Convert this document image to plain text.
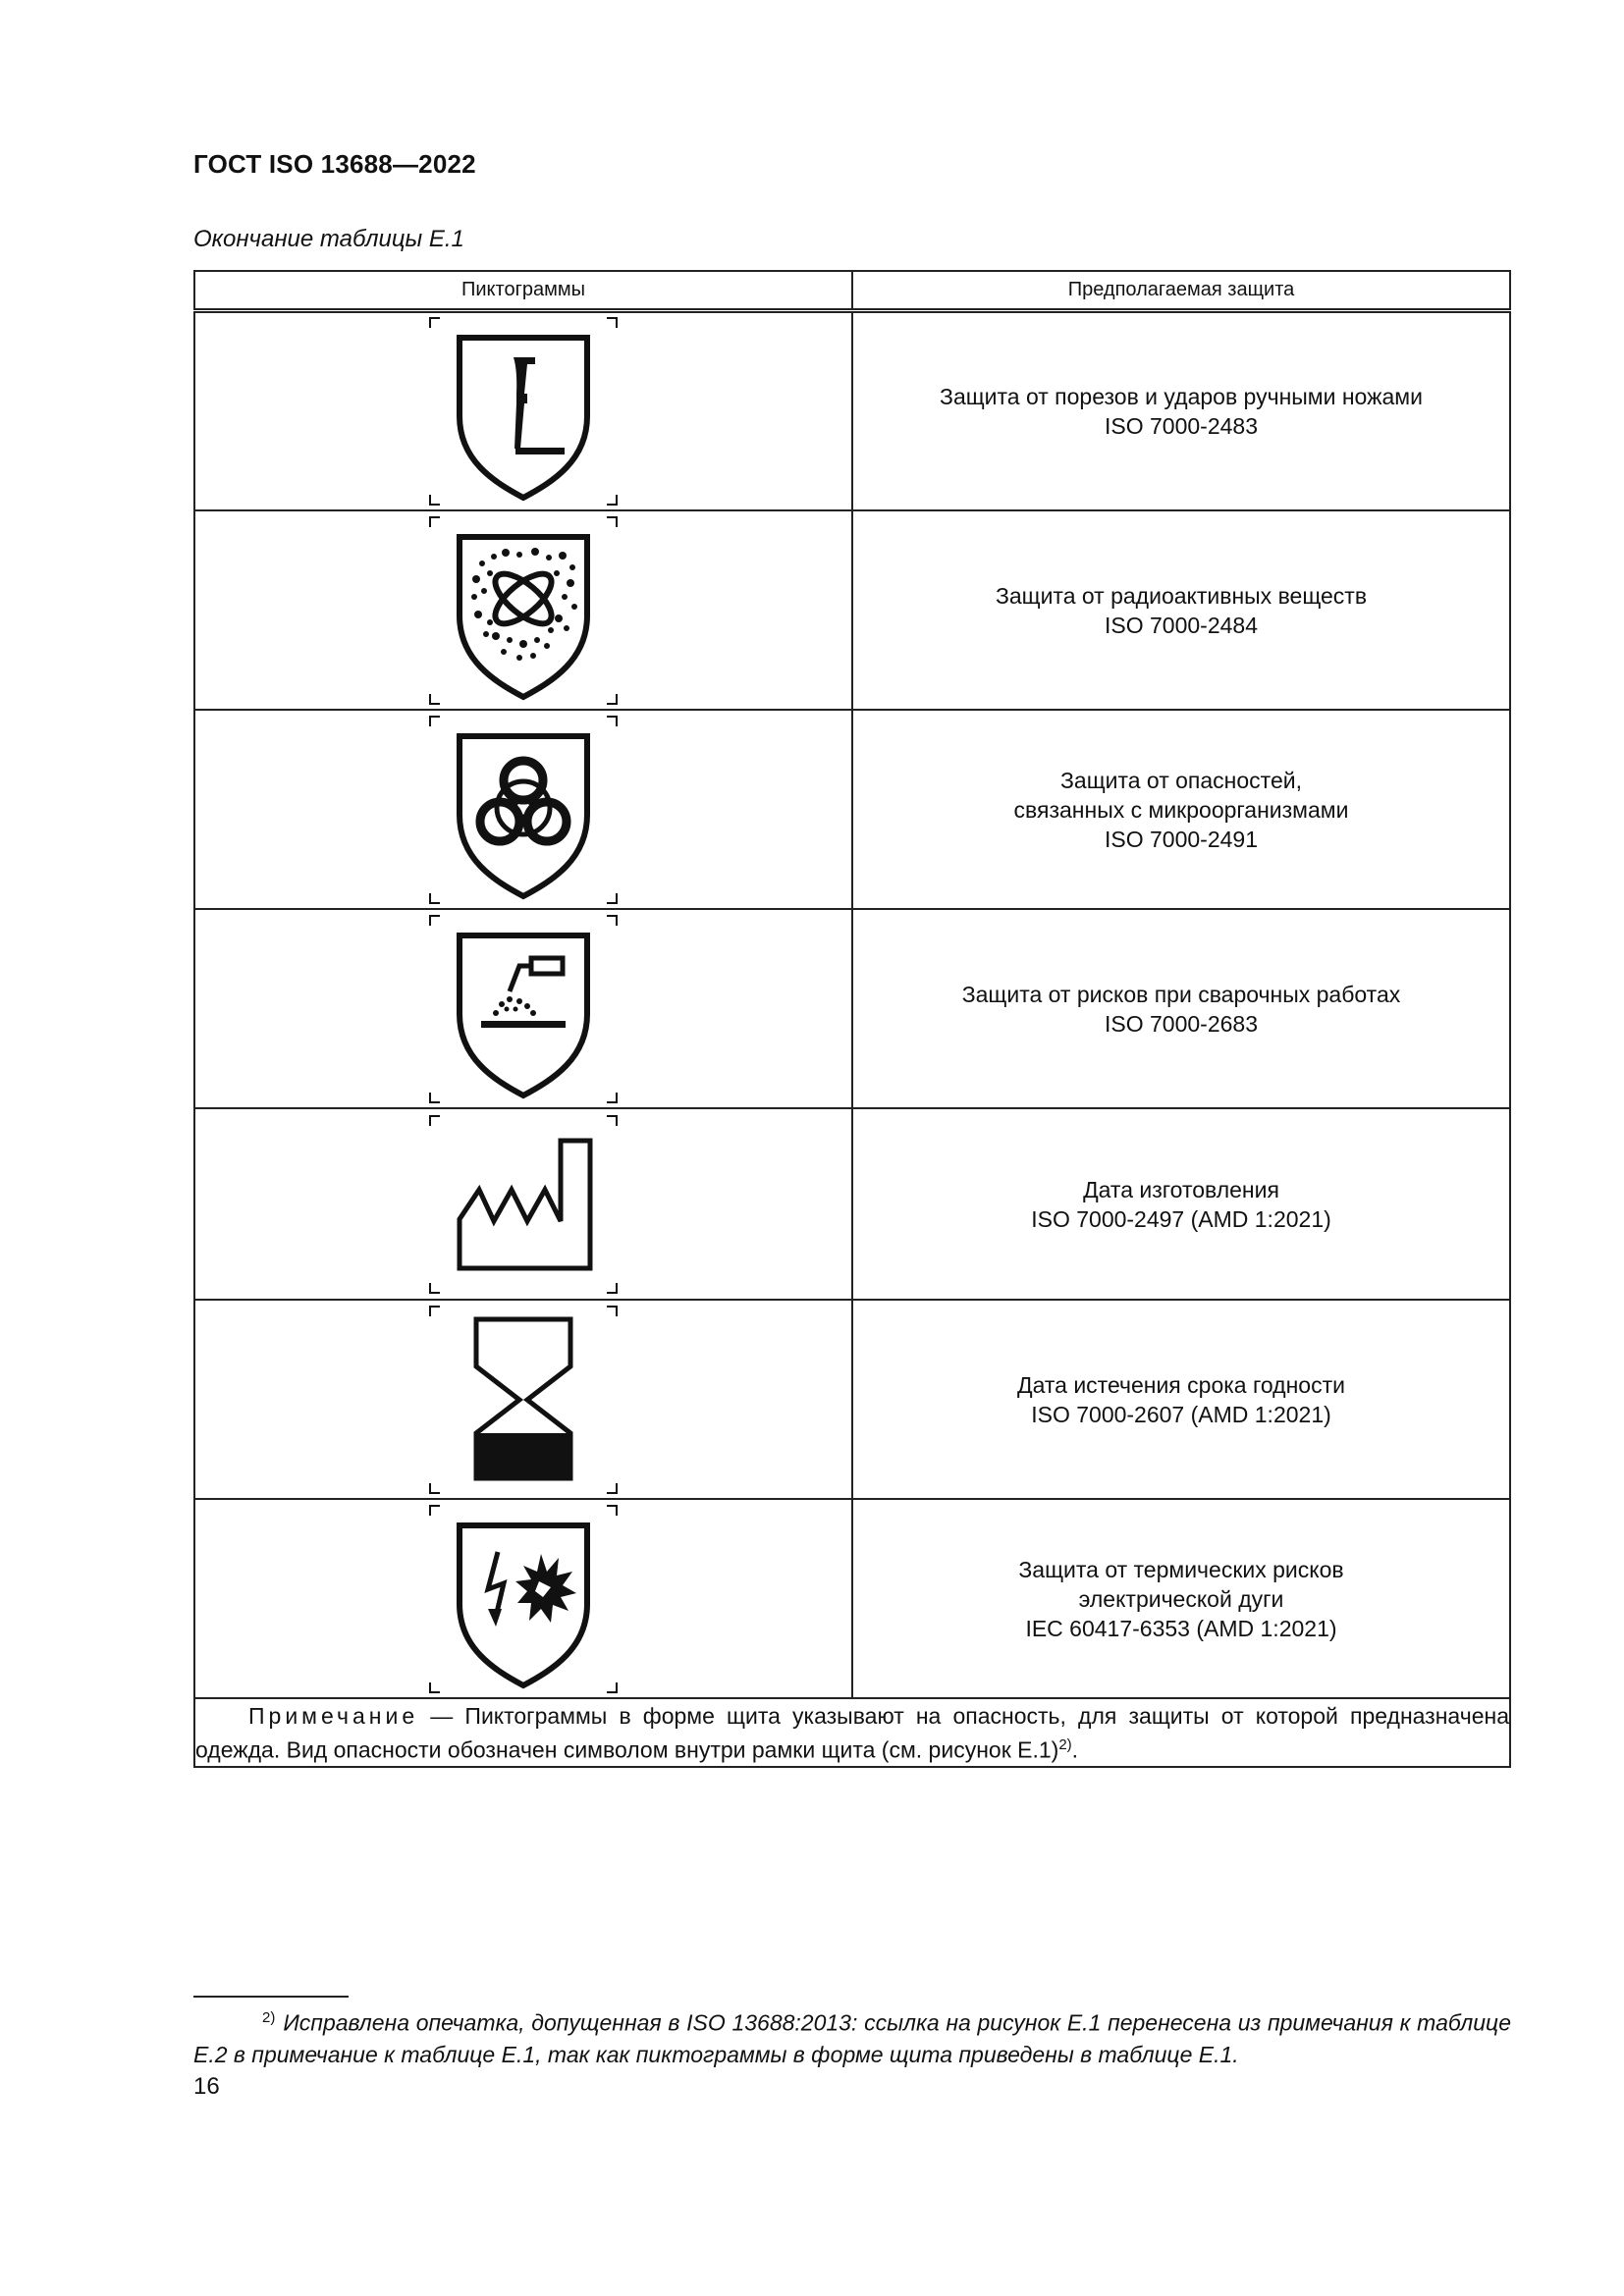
ГОСТ ISO 13688—2022
Окончание таблицы Е.1
Пиктограммы	Предполагаемая защита

Защита от порезов и ударов ручными ножами
ISO 7000-2483

Защита от радиоактивных веществ
ISO 7000-2484

Защита от опасностей,
связанных с микроорганизмами
ISO 7000-2491

Защита от рисков при сварочных работах
ISO 7000-2683

Дата изготовления
ISO 7000-2497 (AMD 1:2021)

Дата истечения срока годности
ISO 7000-2607 (AMD 1:2021)

Защита от термических рисков
электрической дуги
IEC 60417-6353 (AMD 1:2021)

Примечание — Пиктограммы в форме щита указывают на опасность, для защиты от которой предназначена одежда. Вид опасности обозначен символом внутри рамки щита (см. рисунок Е.1)$^{2)}$.	
$^{2)}$ Исправлена опечатка, допущенная в ISO 13688:2013: ссылка на рисунок Е.1 перенесена из примечания к таблице Е.2 в примечание к таблице Е.1, так как пиктограммы в форме щита приведены в таблице Е.1.
16
